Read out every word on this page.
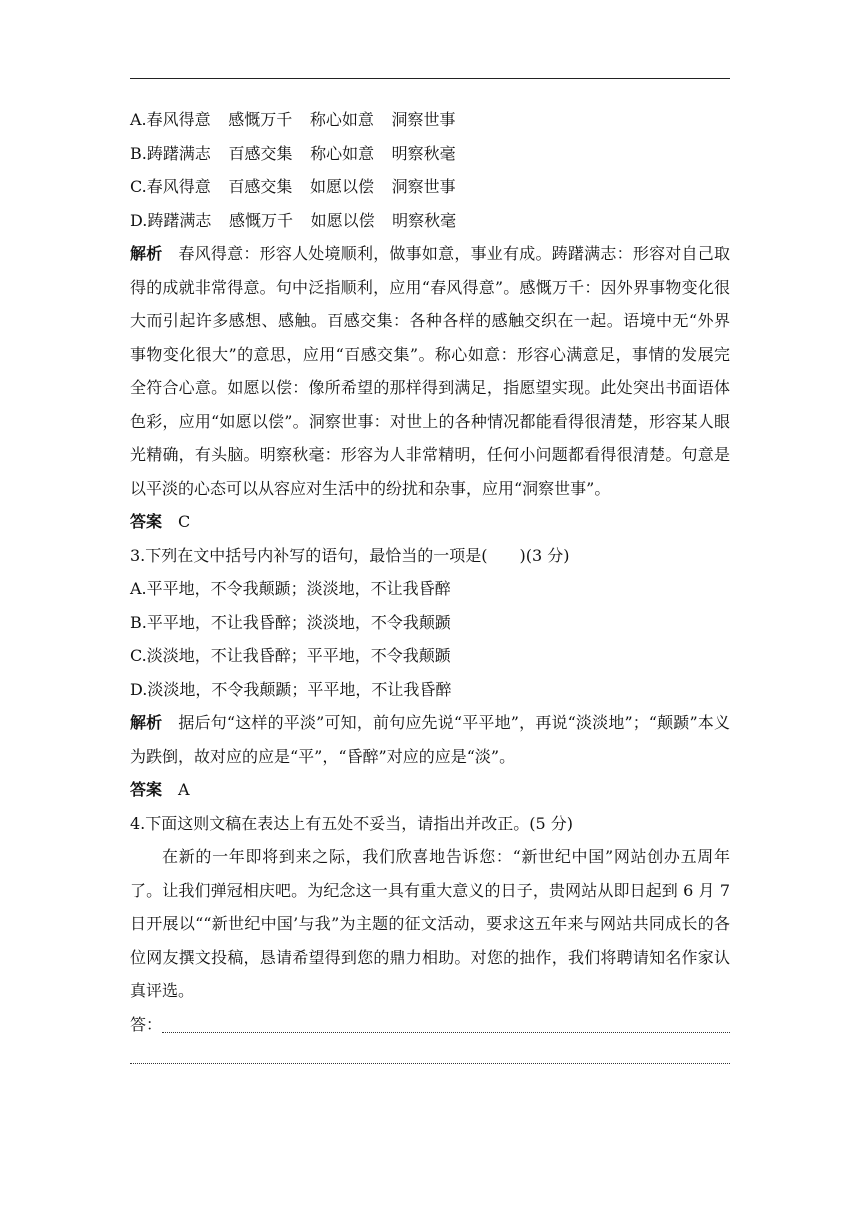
A.春风得意 感慨万千 称心如意 洞察世事
B.踌躇满志 百感交集 称心如意 明察秋毫
C.春风得意 百感交集 如愿以偿 洞察世事
D.踌躇满志 感慨万千 如愿以偿 明察秋毫
解析 春风得意：形容人处境顺利，做事如意，事业有成。踌躇满志：形容对自己取得的成就非常得意。句中泛指顺利，应用“春风得意”。感慨万千：因外界事物变化很大而引起许多感想、感触。百感交集：各种各样的感触交织在一起。语境中无“外界事物变化很大”的意思，应用“百感交集”。称心如意：形容心满意足，事情的发展完全符合心意。如愿以偿：像所希望的那样得到满足，指愿望实现。此处突出书面语体色彩，应用“如愿以偿”。洞察世事：对世上的各种情况都能看得很清楚，形容某人眼光精确，有头脑。明察秋毫：形容为人非常精明，任何小问题都看得很清楚。句意是以平淡的心态可以从容应对生活中的纷扰和杂事，应用“洞察世事”。
答案 C
3.下列在文中括号内补写的语句，最恰当的一项是(　　)(3 分)
A.平平地，不令我颠踬；淡淡地，不让我昏醉
B.平平地，不让我昏醉；淡淡地，不令我颠踬
C.淡淡地，不让我昏醉；平平地，不令我颠踬
D.淡淡地，不令我颠踬；平平地，不让我昏醉
解析 据后句“这样的平淡”可知，前句应先说“平平地”，再说“淡淡地”；“颠踬”本义为跌倒，故对应的应是“平”，“昏醉”对应的应是“淡”。
答案 A
4.下面这则文稿在表达上有五处不妥当，请指出并改正。(5 分)
在新的一年即将到来之际，我们欣喜地告诉您：“新世纪中国”网站创办五周年了。让我们弹冠相庆吧。为纪念这一具有重大意义的日子，贵网站从即日起到 6 月 7 日开展以““新世纪中国’与我”为主题的征文活动，要求这五年来与网站共同成长的各位网友撰文投稿，恳请希望得到您的鼎力相助。对您的拙作，我们将聘请知名作家认真评选。
答：
